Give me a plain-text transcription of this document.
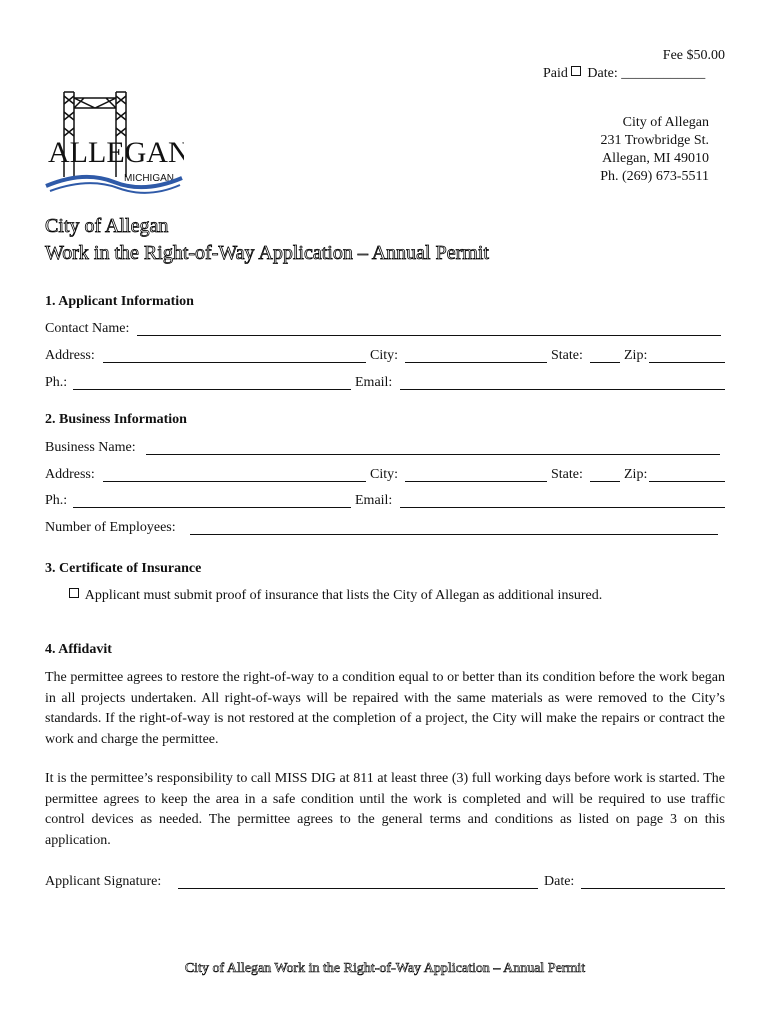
Fee $50.00
Paid Date: ____________
City of Allegan
231 Trowbridge St.
Allegan, MI 49010
Ph. (269) 673-5511
ALLEGAN
MICHIGAN
City of Allegan
Work in the Right-of-Way Application – Annual Permit
1. Applicant Information
Contact Name:
Address:	City:	State:	Zip:
Ph.:	Email:
2. Business Information
Business Name:
Address:	City:	State:	Zip:
Ph.:	Email:
Number of Employees:
3. Certificate of Insurance
Applicant must submit proof of insurance that lists the City of Allegan as additional insured.
4. Affidavit
The permittee agrees to restore the right-of-way to a condition equal to or better than its condition before the work began in all projects undertaken. All right-of-ways will be repaired with the same materials as were removed to the City’s standards. If the right-of-way is not restored at the completion of a project, the City will make the repairs or contract the work and charge the permittee.
It is the permittee’s responsibility to call MISS DIG at 811 at least three (3) full working days before work is started. The permittee agrees to keep the area in a safe condition until the work is completed and will be required to use traffic control devices as needed. The permittee agrees to the general terms and conditions as listed on page 3 on this application.
Applicant Signature:	Date:
City of Allegan Work in the Right-of-Way Application – Annual Permit
